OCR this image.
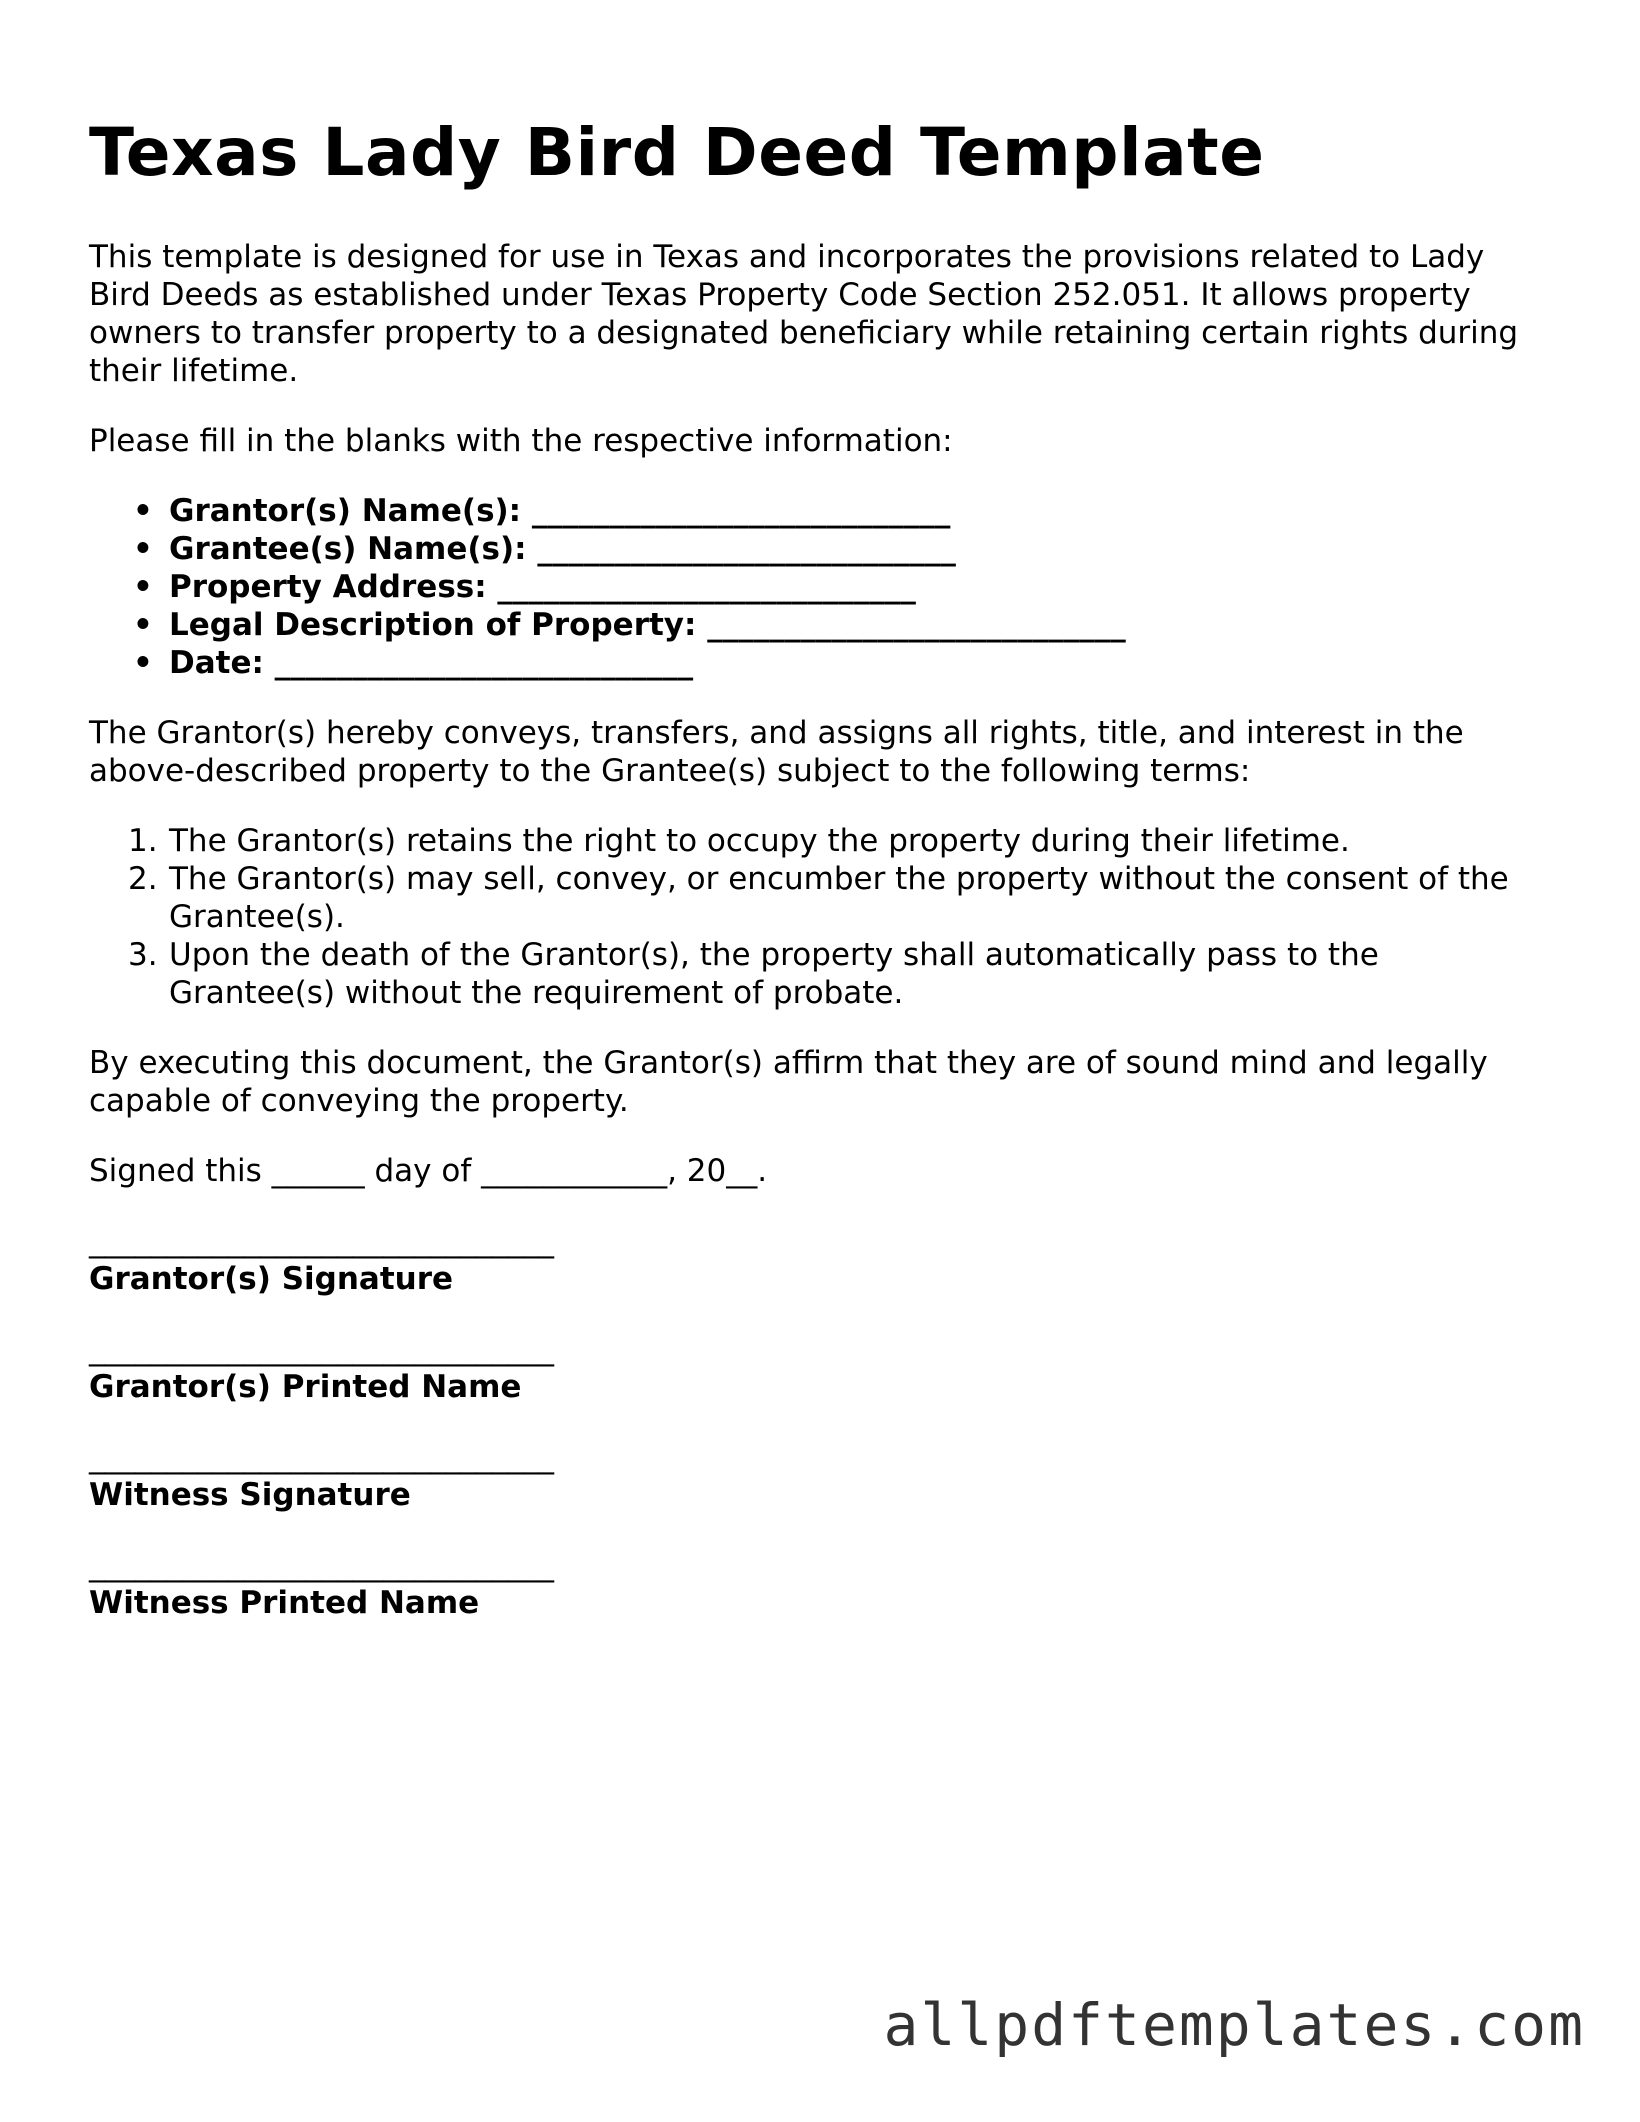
Texas Lady Bird Deed Template

This template is designed for use in Texas and incorporates the provisions related to Lady Bird Deeds as established under Texas Property Code Section 252.051. It allows property owners to transfer property to a designated beneficiary while retaining certain rights during their lifetime.

Please fill in the blanks with the respective information:

• Grantor(s) Name(s): ___________________________
• Grantee(s) Name(s): ___________________________
• Property Address: ___________________________
• Legal Description of Property: ___________________________
• Date: ___________________________

The Grantor(s) hereby conveys, transfers, and assigns all rights, title, and interest in the above-described property to the Grantee(s) subject to the following terms:

1. The Grantor(s) retains the right to occupy the property during their lifetime.
2. The Grantor(s) may sell, convey, or encumber the property without the consent of the Grantee(s).
3. Upon the death of the Grantor(s), the property shall automatically pass to the Grantee(s) without the requirement of probate.

By executing this document, the Grantor(s) affirm that they are of sound mind and legally capable of conveying the property.

Signed this ______ day of ____________, 20__.

______________________________
Grantor(s) Signature
______________________________
Grantor(s) Printed Name
______________________________
Witness Signature
______________________________
Witness Printed Name
allpdftemplates.com
